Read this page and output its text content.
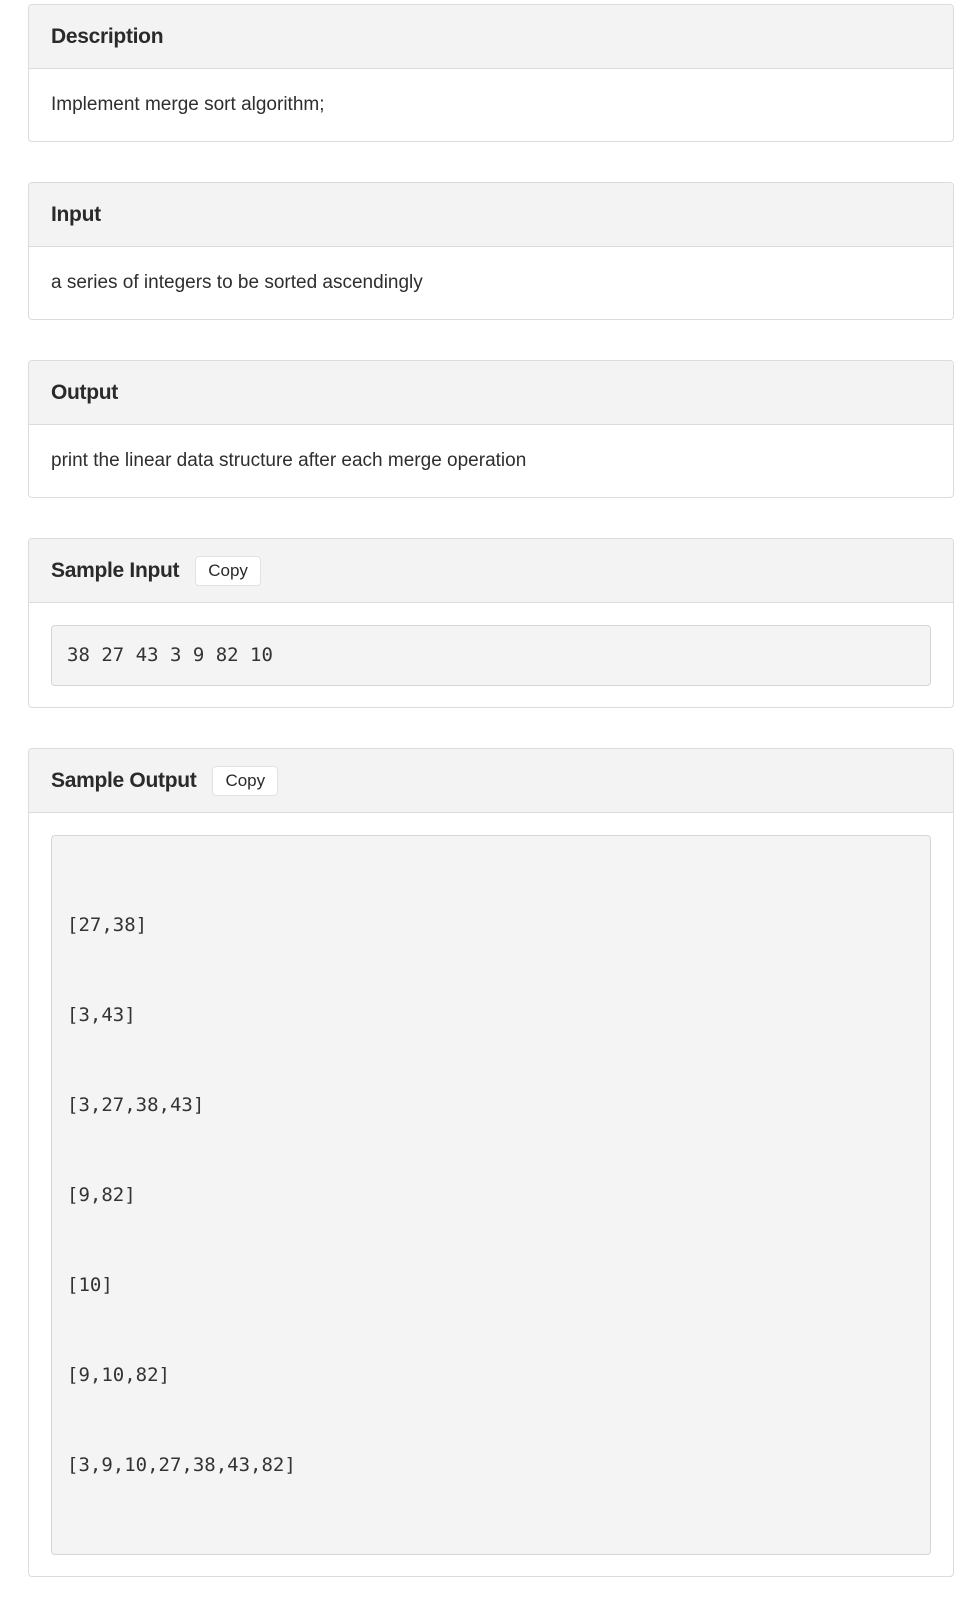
Description
Implement merge sort algorithm;
Input
a series of integers to be sorted ascendingly
Output
print the linear data structure after each merge operation
Sample Input	Copy
38 27 43 3 9 82 10
Sample Output	Copy

[27,38]

[3,43]

[3,27,38,43]

[9,82]

[10]

[9,10,82]

[3,9,10,27,38,43,82]
